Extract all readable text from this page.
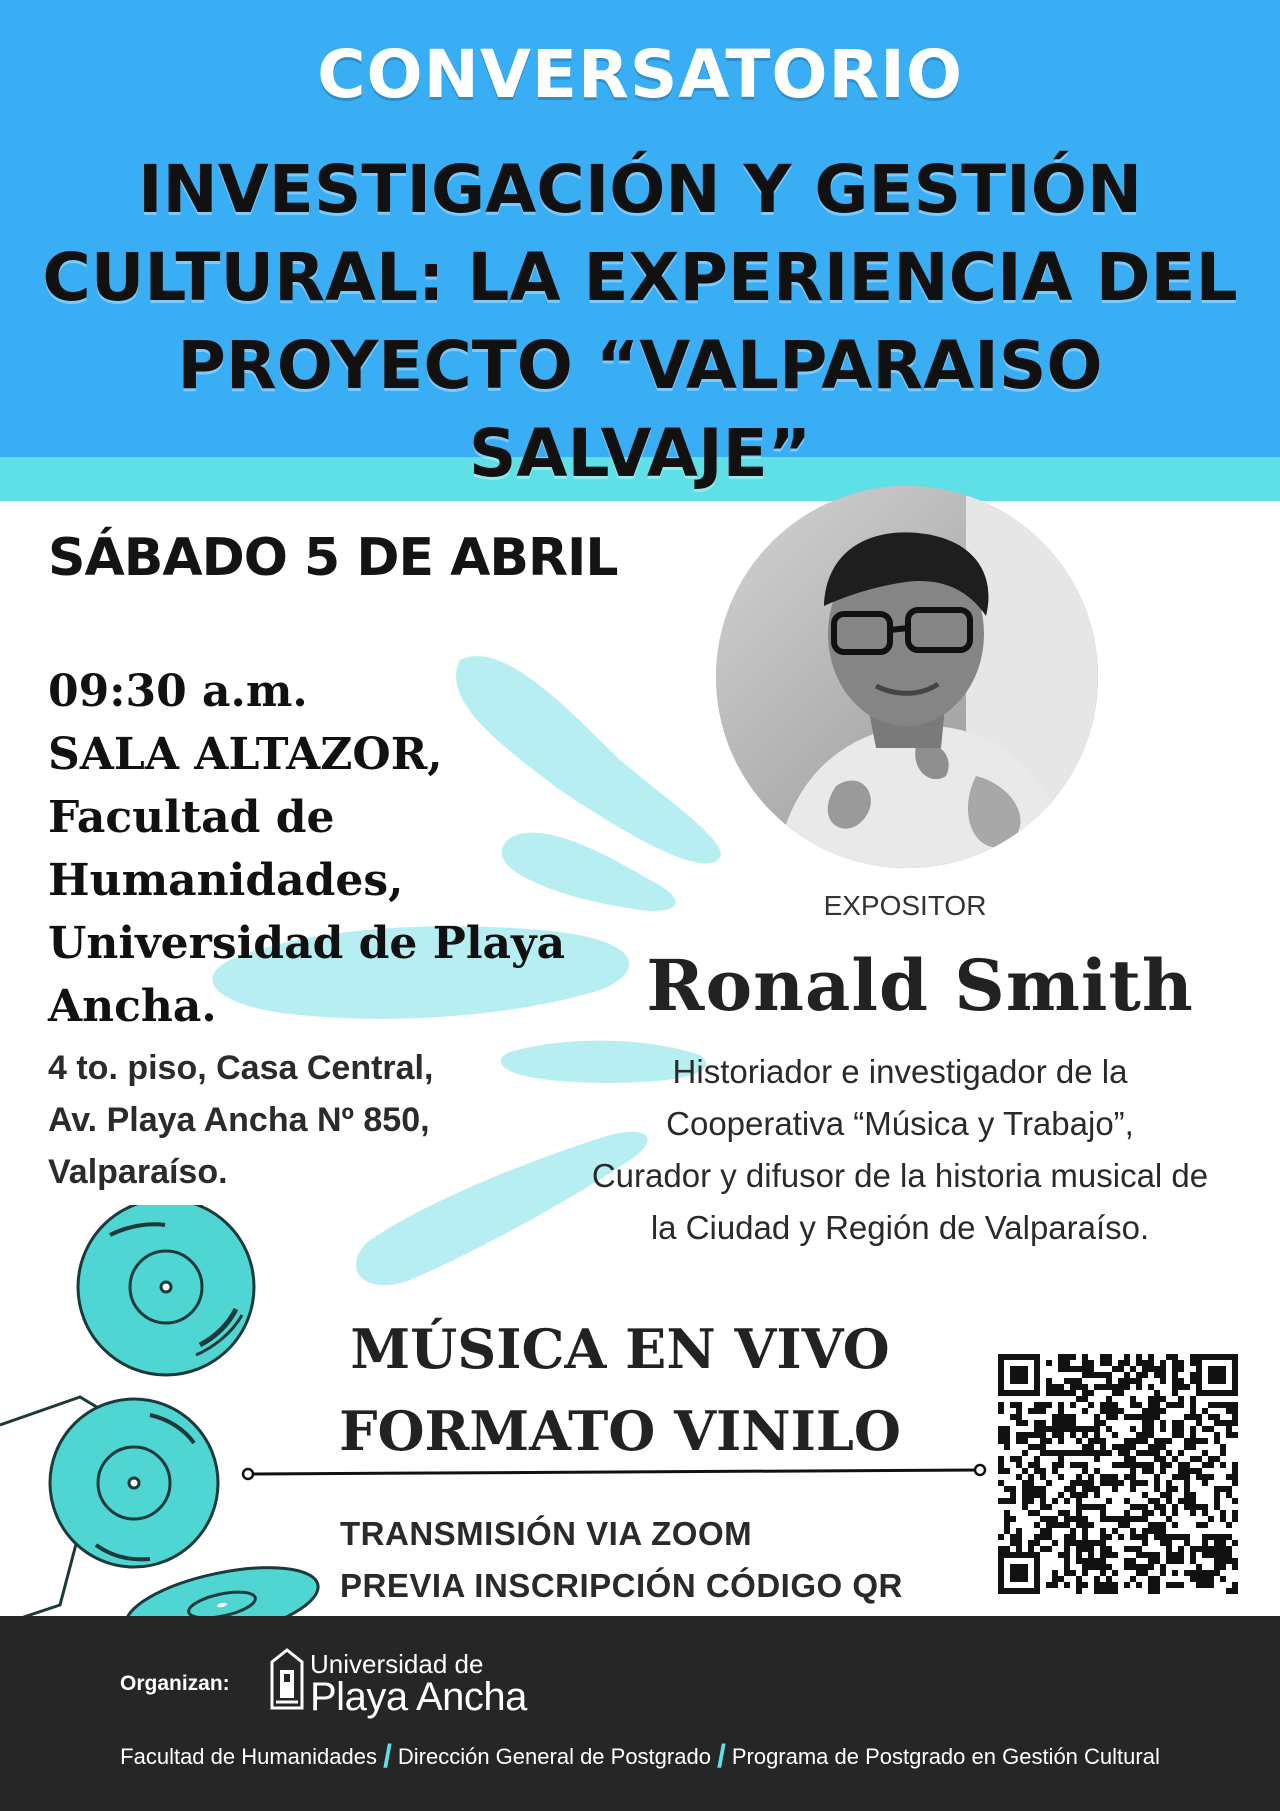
CONVERSATORIO
INVESTIGACIÓN Y GESTIÓN
CULTURAL: LA EXPERIENCIA DEL
PROYECTO “VALPARAISO SALVAJE”
SÁBADO 5 DE ABRIL
09:30 a.m.
SALA ALTAZOR,
Facultad de
Humanidades,
Universidad de Playa
Ancha.
4 to. piso, Casa Central,
Av. Playa Ancha Nº 850,
Valparaíso.
EXPOSITOR
Ronald Smith
Historiador e investigador de la
Cooperativa “Música y Trabajo”,
Curador y difusor de la historia musical de
la Ciudad y Región de Valparaíso.
MÚSICA EN VIVO
FORMATO VINILO
TRANSMISIÓN VIA ZOOM
PREVIA INSCRIPCIÓN CÓDIGO QR
Organizan:
Universidad de
Playa Ancha
Facultad de Humanidades / Dirección General de Postgrado / Programa de Postgrado en Gestión Cultural
